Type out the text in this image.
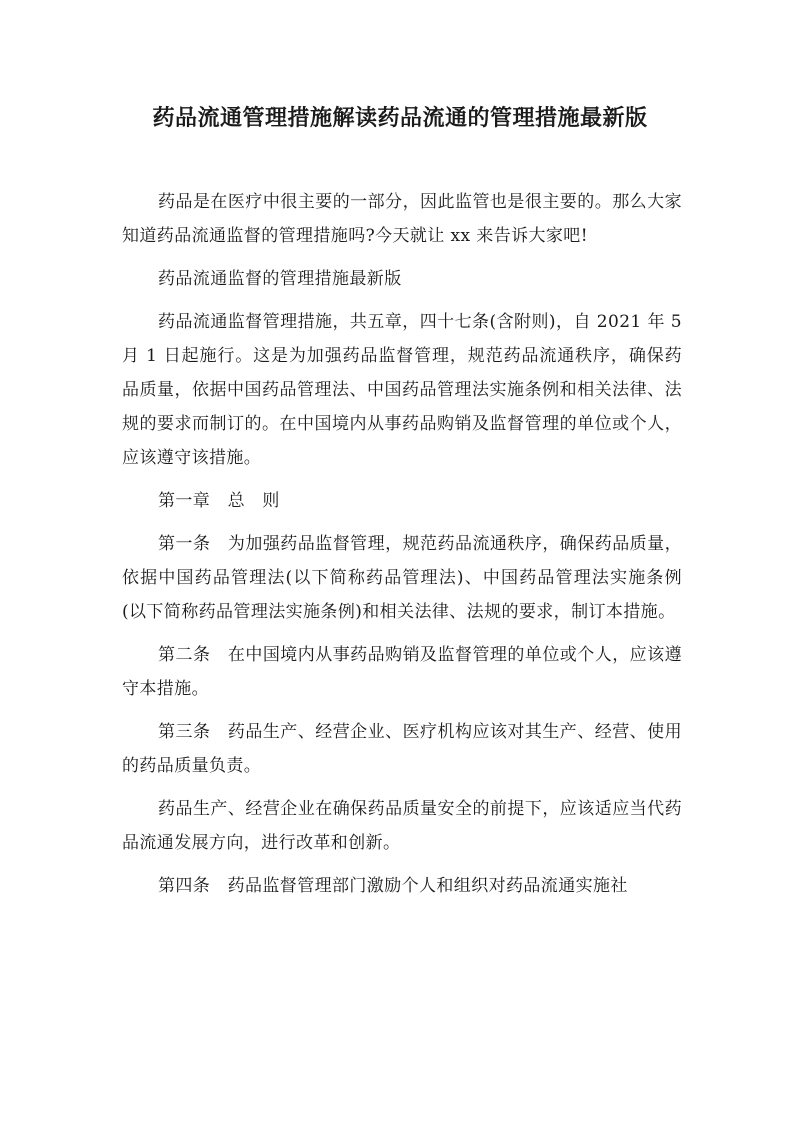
药品流通管理措施解读药品流通的管理措施最新版

药品是在医疗中很主要的一部分，因此监管也是很主要的。那么大家知道药品流通监督的管理措施吗?今天就让 xx 来告诉大家吧!

药品流通监督的管理措施最新版

药品流通监督管理措施，共五章，四十七条(含附则)，自 2021 年 5 月 1 日起施行。这是为加强药品监督管理，规范药品流通秩序，确保药品质量，依据中国药品管理法、中国药品管理法实施条例和相关法律、法规的要求而制订的。在中国境内从事药品购销及监督管理的单位或个人，应该遵守该措施。

第一章　总　则

第一条　为加强药品监督管理，规范药品流通秩序，确保药品质量，依据中国药品管理法(以下简称药品管理法)、中国药品管理法实施条例(以下简称药品管理法实施条例)和相关法律、法规的要求，制订本措施。

第二条　在中国境内从事药品购销及监督管理的单位或个人，应该遵守本措施。

第三条　药品生产、经营企业、医疗机构应该对其生产、经营、使用的药品质量负责。

药品生产、经营企业在确保药品质量安全的前提下，应该适应当代药品流通发展方向，进行改革和创新。

第四条　药品监督管理部门激励个人和组织对药品流通实施社
